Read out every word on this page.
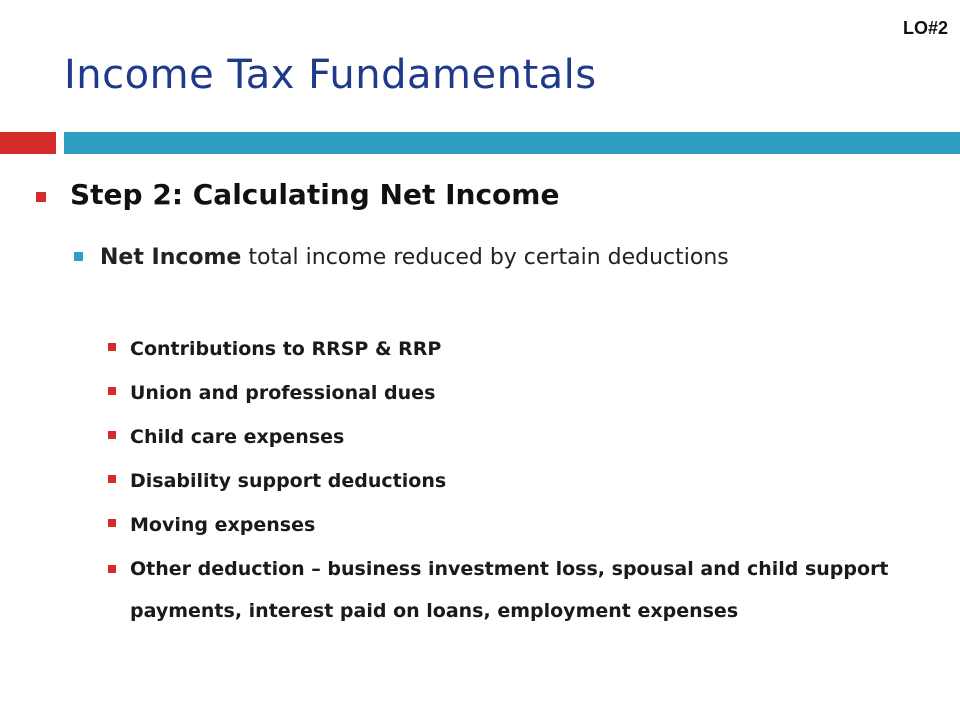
LO#2
Income Tax Fundamentals
Step 2: Calculating Net Income
Net Income total income reduced by certain deductions
Contributions to RRSP & RRP
Union and professional dues
Child care expenses
Disability support deductions
Moving expenses
Other deduction – business investment loss, spousal and child support payments, interest paid on loans, employment expenses
